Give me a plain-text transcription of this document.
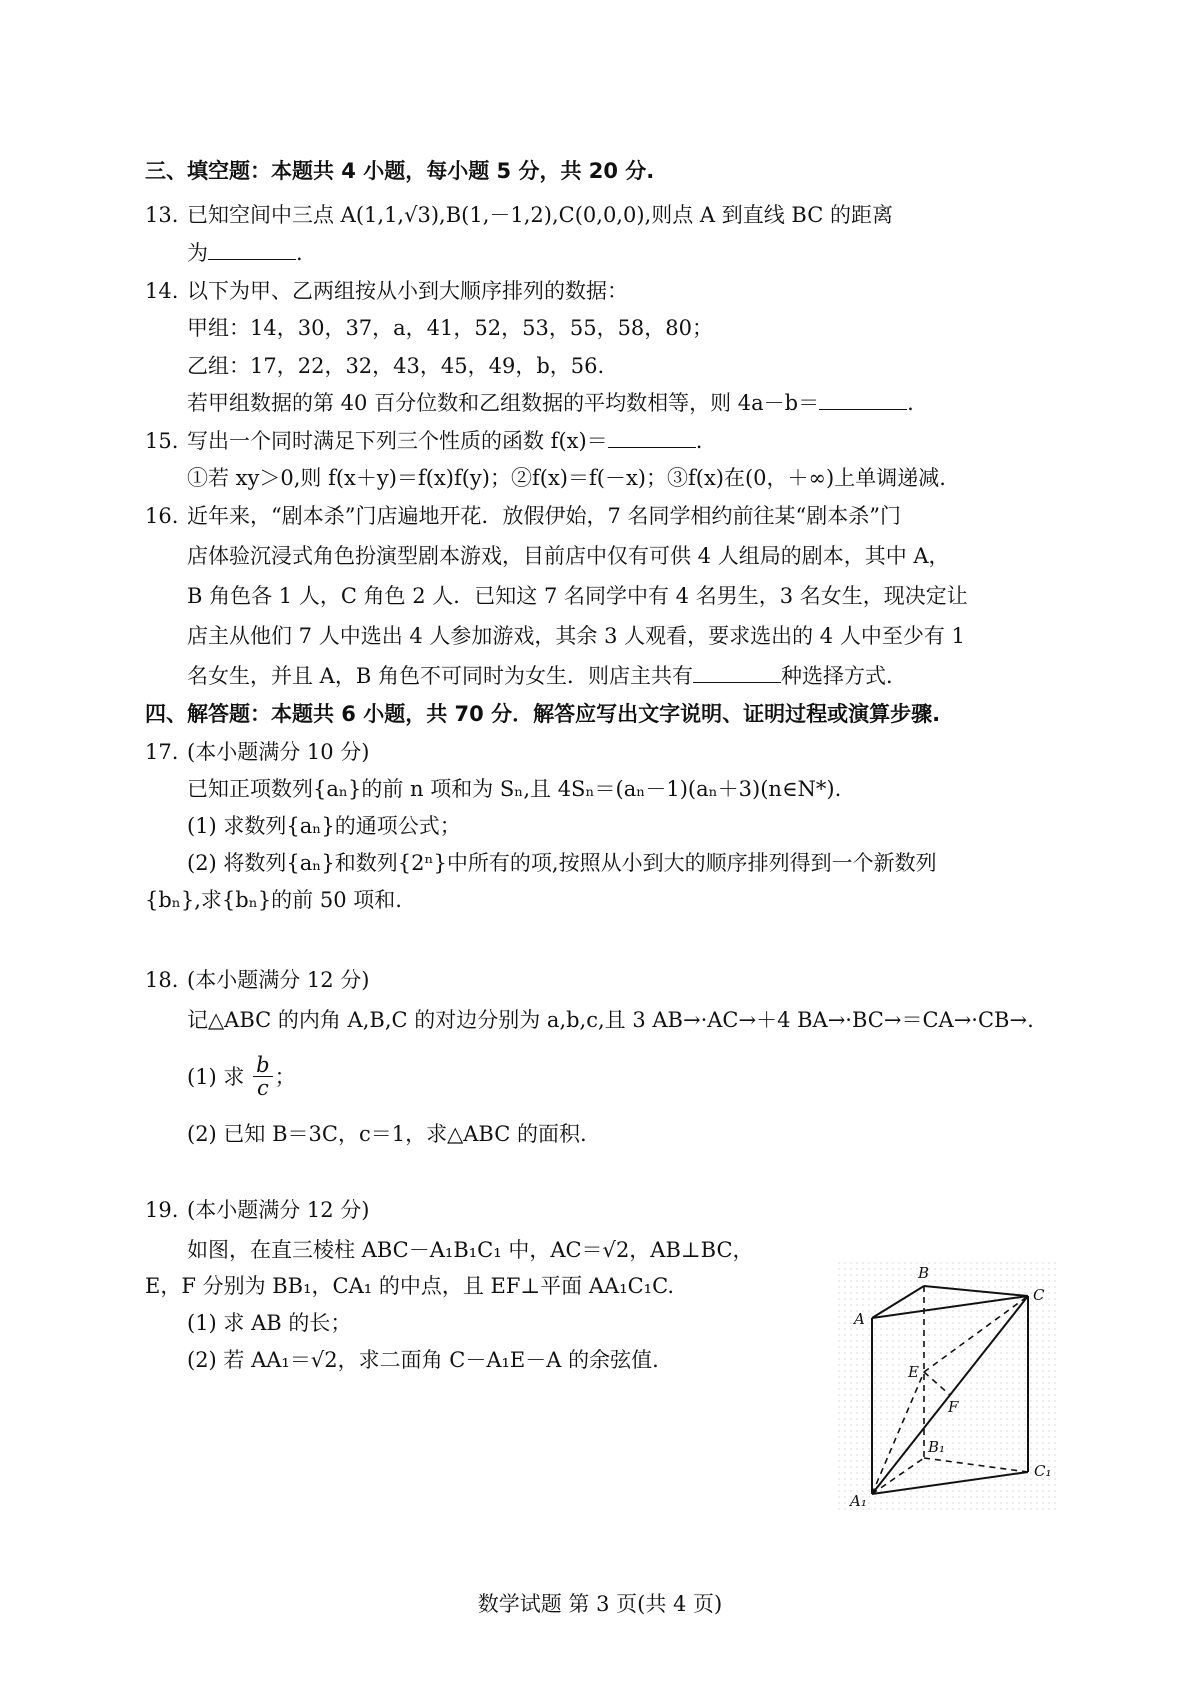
三、填空题：本题共 4 小题，每小题 5 分，共 20 分.
13. 已知空间中三点 A(1,1,√3),B(1,－1,2),C(0,0,0),则点 A 到直线 BC 的距离
为	.
14. 以下为甲、乙两组按从小到大顺序排列的数据：
甲组：14，30，37，a，41，52，53，55，58，80；
乙组：17，22，32，43，45，49，b，56.
若甲组数据的第 40 百分位数和乙组数据的平均数相等，则 4a－b＝	.
15. 写出一个同时满足下列三个性质的函数 f(x)＝	.
①若 xy＞0,则 f(x＋y)＝f(x)f(y)；②f(x)＝f(－x)；③f(x)在(0，＋∞)上单调递减.
16. 近年来，“剧本杀”门店遍地开花．放假伊始，7 名同学相约前往某“剧本杀”门
店体验沉浸式角色扮演型剧本游戏，目前店中仅有可供 4 人组局的剧本，其中 A，
B 角色各 1 人，C 角色 2 人．已知这 7 名同学中有 4 名男生，3 名女生，现决定让
店主从他们 7 人中选出 4 人参加游戏，其余 3 人观看，要求选出的 4 人中至少有 1
名女生，并且 A，B 角色不可同时为女生．则店主共有	种选择方式．
四、解答题：本题共 6 小题，共 70 分．解答应写出文字说明、证明过程或演算步骤.
17. (本小题满分 10 分)
已知正项数列{aₙ}的前 n 项和为 Sₙ,且 4Sₙ＝(aₙ－1)(aₙ＋3)(n∈N*).
(1) 求数列{aₙ}的通项公式；
(2) 将数列{aₙ}和数列{2ⁿ}中所有的项,按照从小到大的顺序排列得到一个新数列
{bₙ},求{bₙ}的前 50 项和.
18. (本小题满分 12 分)
记△ABC 的内角 A,B,C 的对边分别为 a,b,c,且 3 AB→·AC→＋4 BA→·BC→＝CA→·CB→.
(1) 求 $\frac{b}{c}$ ；
(2) 已知 B＝3C，c＝1，求△ABC 的面积.
19. (本小题满分 12 分)
如图，在直三棱柱 ABC－A₁B₁C₁ 中，AC＝√2，AB⊥BC，
E，F 分别为 BB₁，CA₁ 的中点，且 EF⊥平面 AA₁C₁C.
(1) 求 AB 的长；
(2) 若 AA₁＝√2，求二面角 C－A₁E－A 的余弦值.
B
C
A
E
F
B₁
C₁
A₁
数学试题 第 3 页(共 4 页)
